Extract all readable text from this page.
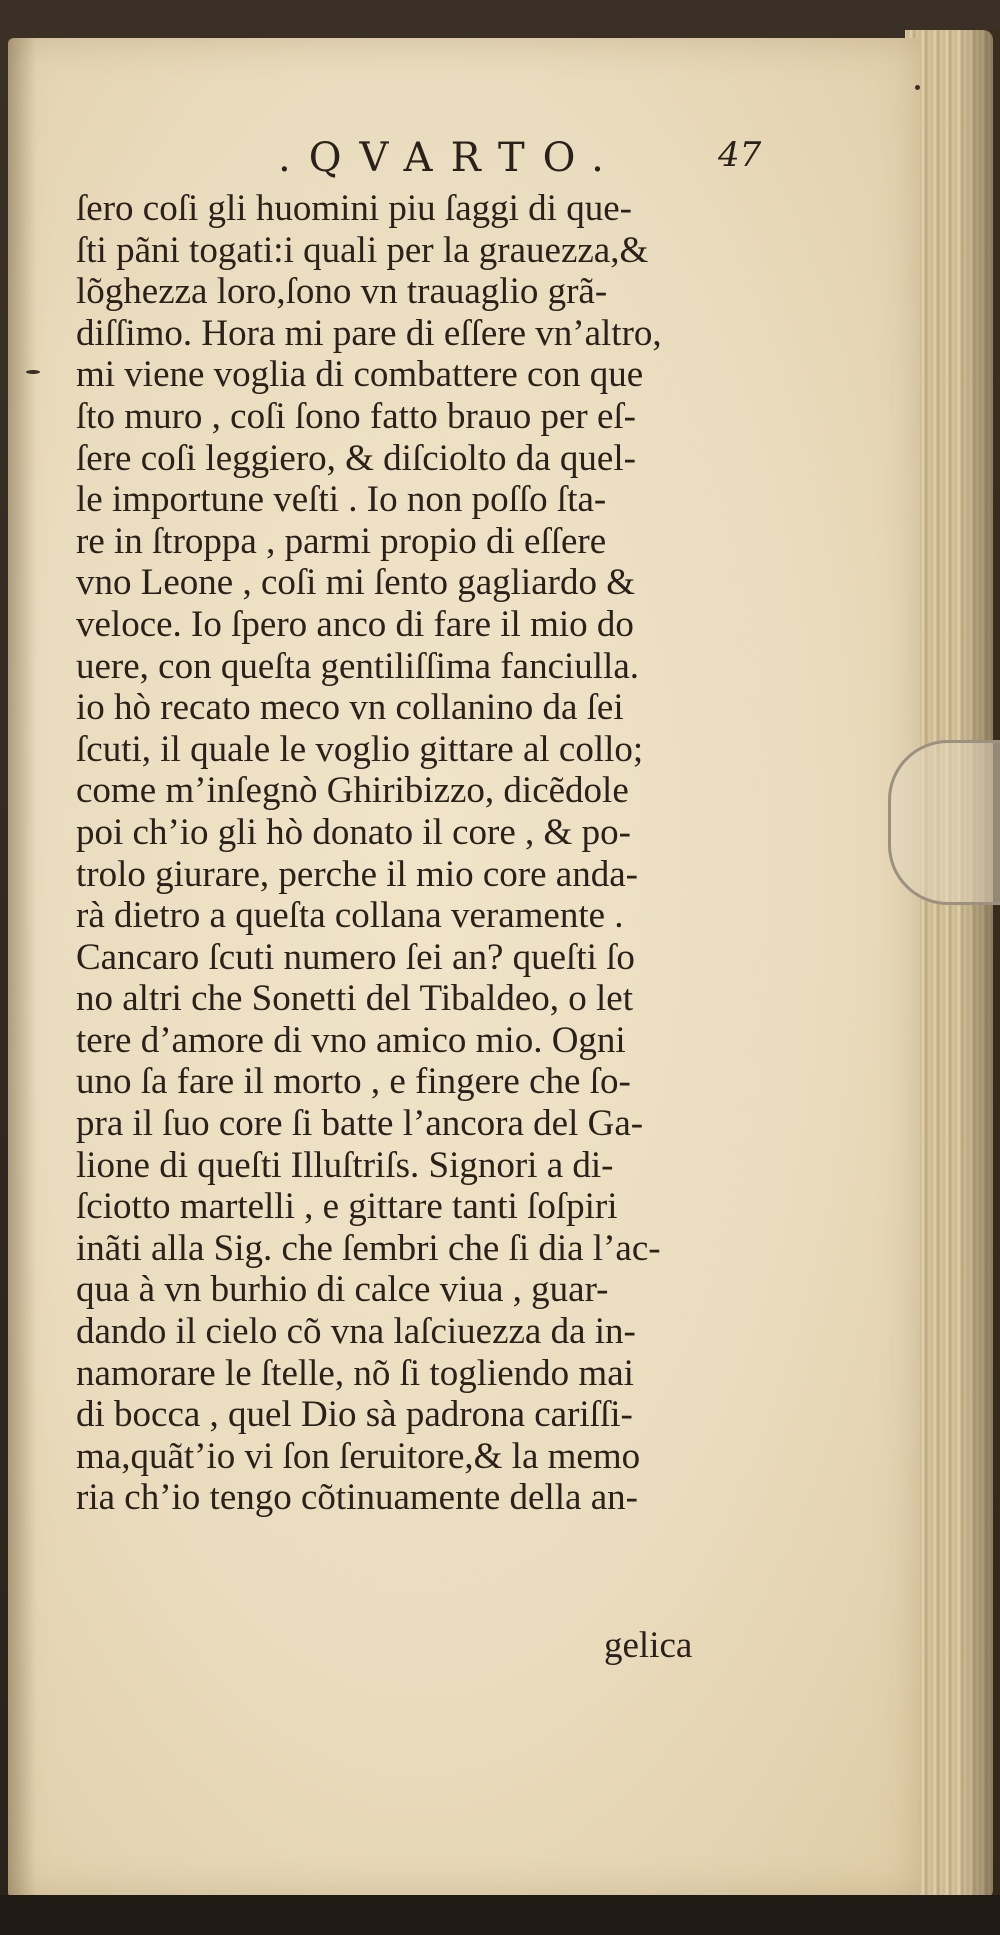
.QVARTO.	47
ſero coſi gli huomini piu ſaggi di que-
ſti pãni togati:i quali per la grauezza,&
lõghezza loro,ſono vn trauaglio grã-
diſſimo. Hora mi pare di eſſere vn’altro,
mi viene voglia di combattere con que
ſto muro , coſi ſono fatto brauo per eſ-
ſere coſi leggiero, & diſciolto da quel-
le importune veſti . Io non poſſo ſta-
re in ſtroppa , parmi propio di eſſere
vno Leone , coſi mi ſento gagliardo &
veloce. Io ſpero anco di fare il mio do
uere, con queſta gentiliſſima fanciulla.
io hò recato meco vn collanino da ſei
ſcuti, il quale le voglio gittare al collo;
come m’inſegnò Ghiribizzo, dicẽdole
poi ch’io gli hò donato il core , & po-
trolo giurare, perche il mio core anda-
rà dietro a queſta collana veramente .
Cancaro ſcuti numero ſei an? queſti ſo
no altri che Sonetti del Tibaldeo, o let
tere d’amore di vno amico mio. Ogni
uno ſa fare il morto , e fingere che ſo-
pra il ſuo core ſi batte l’ancora del Ga-
lione di queſti Illuſtriſs. Signori a di-
ſciotto martelli , e gittare tanti ſoſpiri
inãti alla Sig. che ſembri che ſi dia l’ac-
qua à vn burhio di calce viua , guar-
dando il cielo cõ vna laſciuezza da in-
namorare le ſtelle, nõ ſi togliendo mai
di bocca , quel Dio sà padrona cariſſi-
ma,quãt’io vi ſon ſeruitore,& la memo
ria ch’io tengo cõtinuamente della an-
gelica
